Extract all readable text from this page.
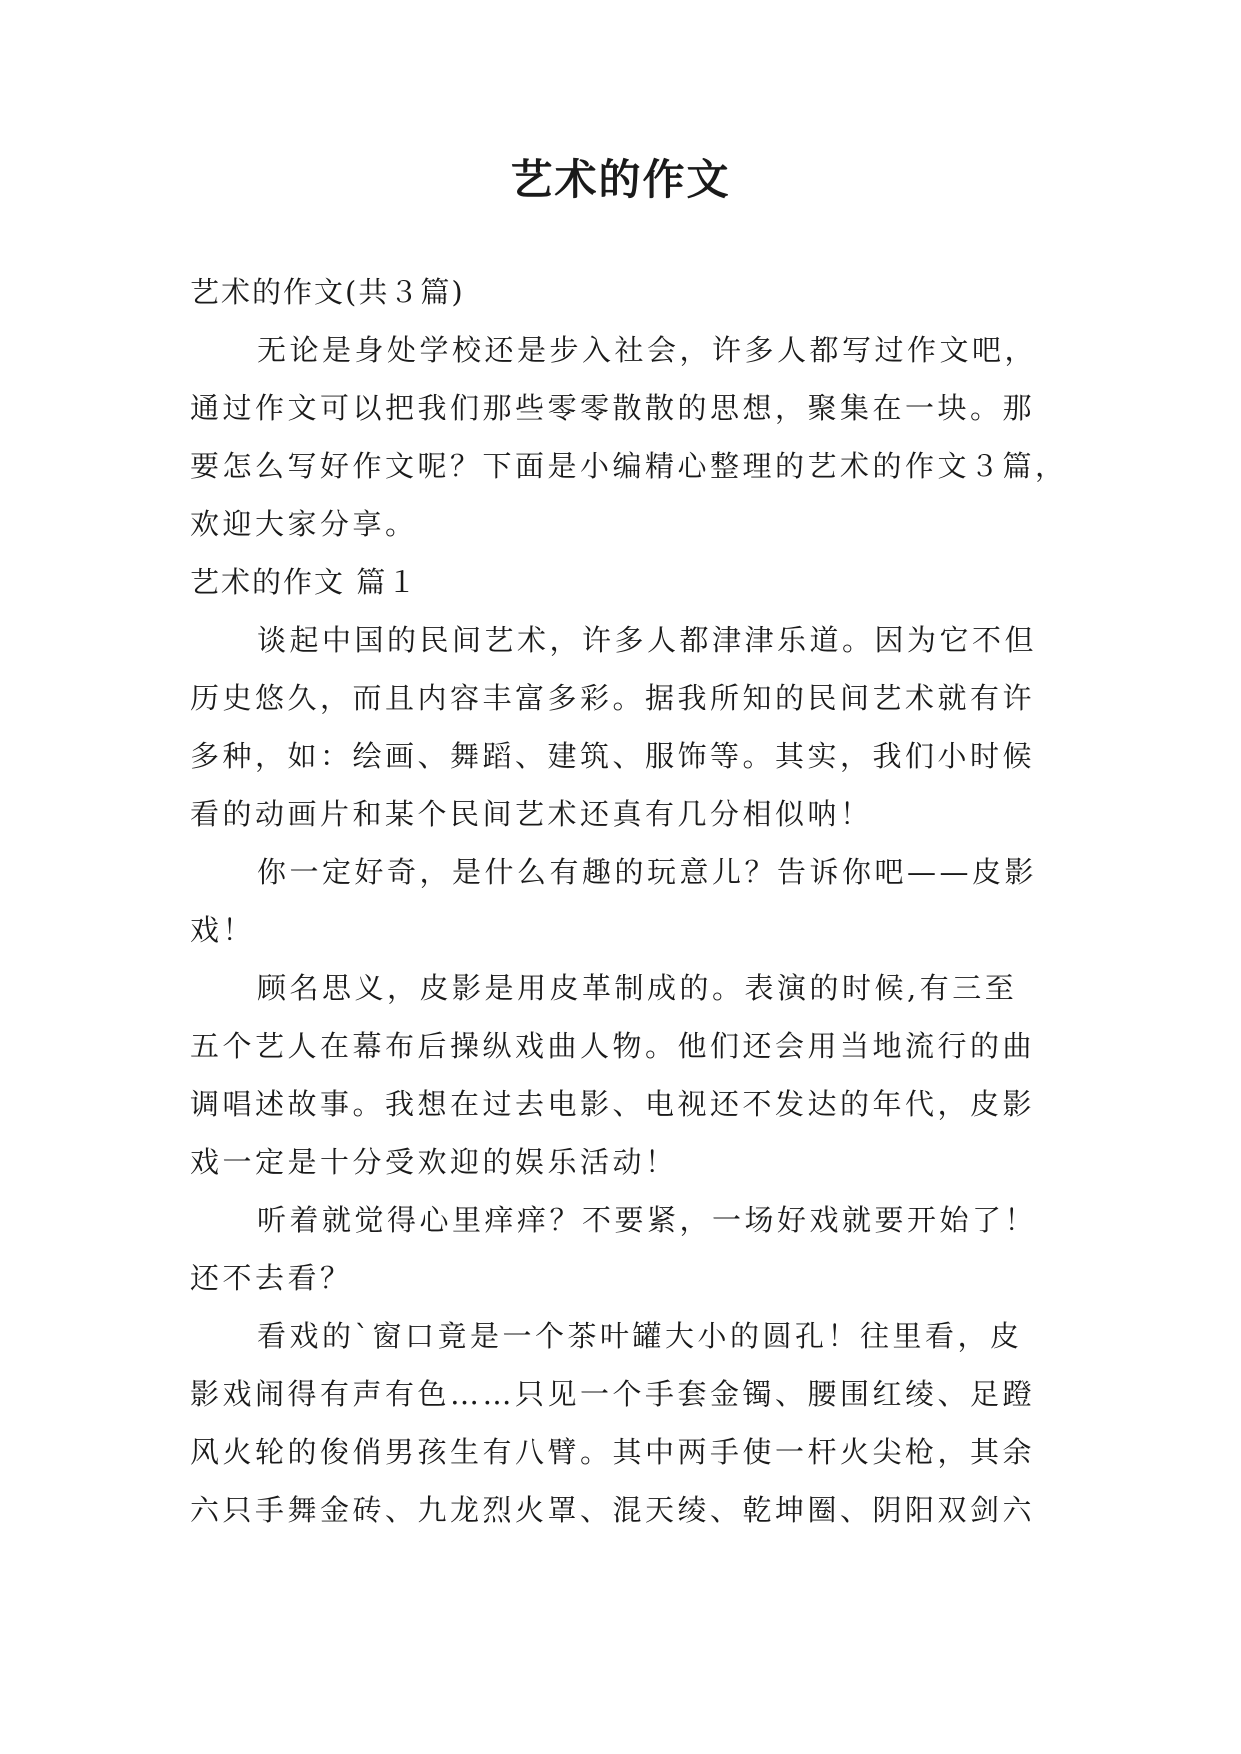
艺术的作文

艺术的作文(共３篇)

无论是身处学校还是步入社会，许多人都写过作文吧，

通过作文可以把我们那些零零散散的思想，聚集在一块。那

要怎么写好作文呢？下面是小编精心整理的艺术的作文３篇，

欢迎大家分享。

艺术的作文 篇１

谈起中国的民间艺术，许多人都津津乐道。因为它不但

历史悠久，而且内容丰富多彩。据我所知的民间艺术就有许

多种，如：绘画、舞蹈、建筑、服饰等。其实，我们小时候

看的动画片和某个民间艺术还真有几分相似呐！

你一定好奇，是什么有趣的玩意儿？告诉你吧——皮影

戏！

顾名思义，皮影是用皮革制成的。表演的时候,有三至

五个艺人在幕布后操纵戏曲人物。他们还会用当地流行的曲

调唱述故事。我想在过去电影、电视还不发达的年代，皮影

戏一定是十分受欢迎的娱乐活动！

听着就觉得心里痒痒？不要紧，一场好戏就要开始了！

还不去看？

看戏的`窗口竟是一个茶叶罐大小的圆孔！往里看，皮

影戏闹得有声有色……只见一个手套金镯、腰围红绫、足蹬

风火轮的俊俏男孩生有八臂。其中两手使一杆火尖枪，其余

六只手舞金砖、九龙烈火罩、混天绫、乾坤圈、阴阳双剑六
